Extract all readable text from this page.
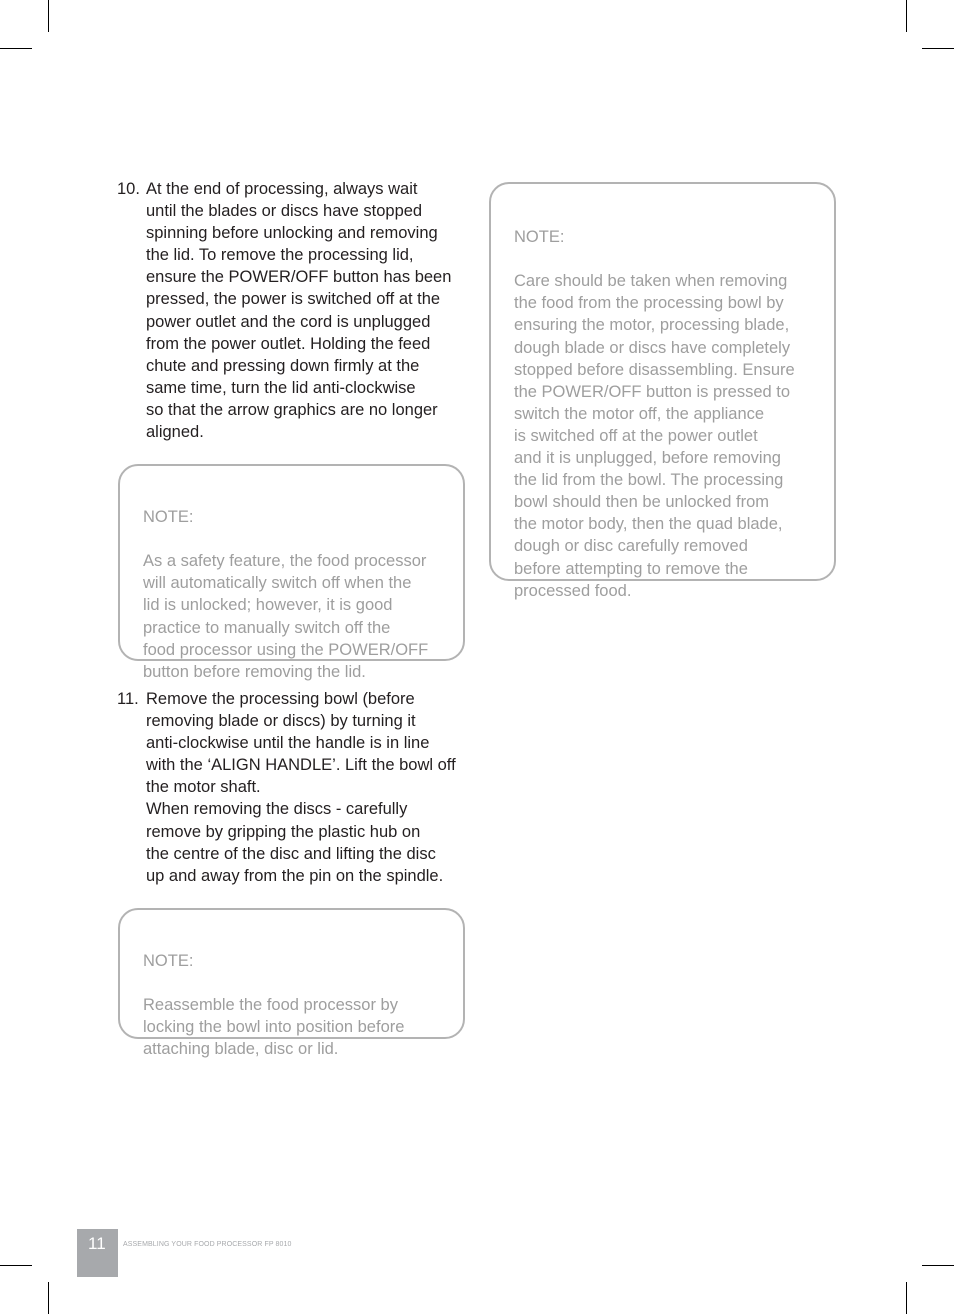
10. At the end of processing, always wait
until the blades or discs have stopped
spinning before unlocking and removing
the lid. To remove the processing lid,
ensure the POWER/OFF button has been
pressed, the power is switched off at the
power outlet and the cord is unplugged
from the power outlet. Holding the feed
chute and pressing down firmly at the
same time, turn the lid anti-clockwise
so that the arrow graphics are no longer
aligned.

NOTE:

As a safety feature, the food processor
will automatically switch off when the
lid is unlocked; however, it is good
practice to manually switch off the
food processor using the POWER/OFF
button before removing the lid.

11. Remove the processing bowl (before
removing blade or discs) by turning it
anti-clockwise until the handle is in line
with the ‘ALIGN HANDLE’. Lift the bowl off
the motor shaft.
When removing the discs - carefully
remove by gripping the plastic hub on
the centre of the disc and lifting the disc
up and away from the pin on the spindle.

NOTE:

Reassemble the food processor by
locking the bowl into position before
attaching blade, disc or lid.

NOTE:

Care should be taken when removing
the food from the processing bowl by
ensuring the motor, processing blade,
dough blade or discs have completely
stopped before disassembling. Ensure
the POWER/OFF button is pressed to
switch the motor off, the appliance
is switched off at the power outlet
and it is unplugged, before removing
the lid from the bowl. The processing
bowl should then be unlocked from
the motor body, then the quad blade,
dough or disc carefully removed
before attempting to remove the
processed food.

11	ASSEMBLING YOUR FOOD PROCESSOR FP 8010
